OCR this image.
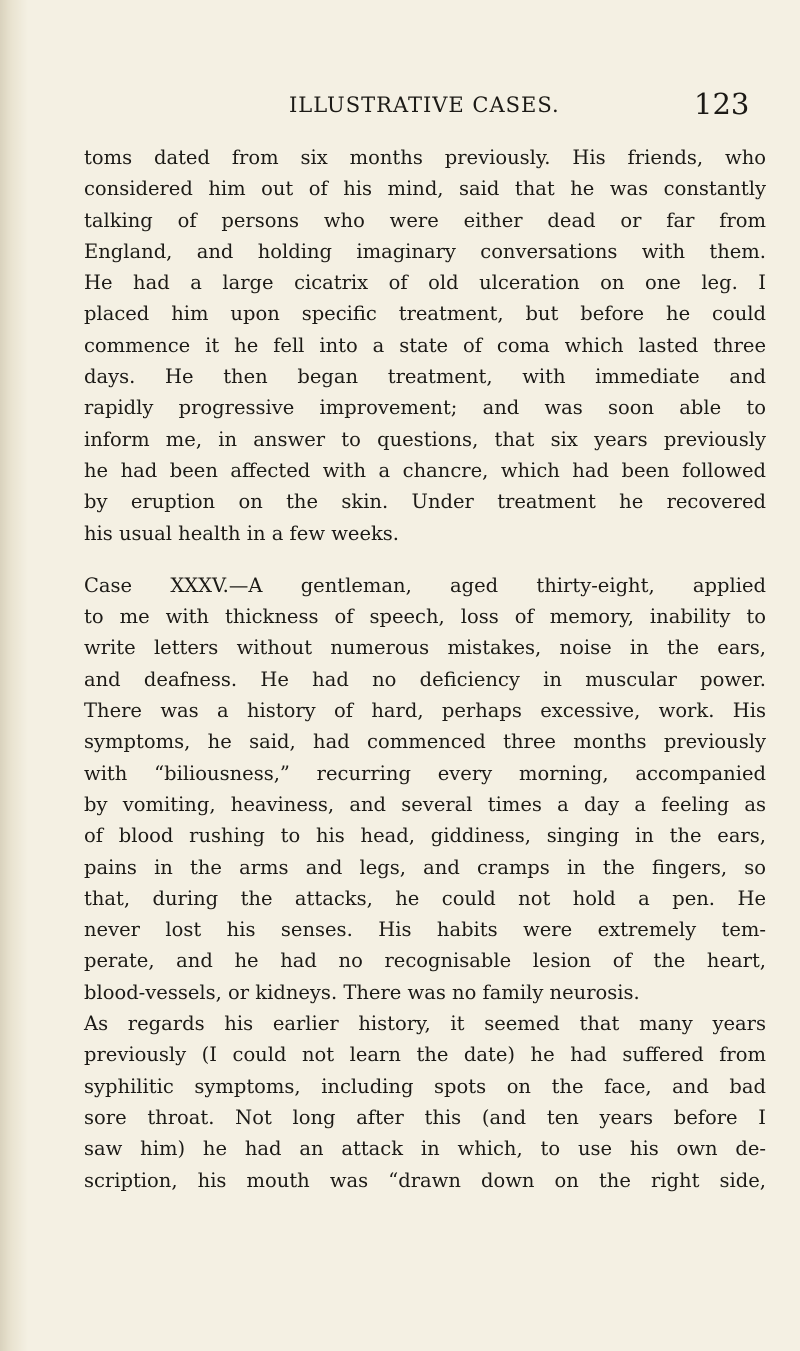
ILLUSTRATIVE CASES.	123

toms dated from six months previously. His friends, who

considered him out of his mind, said that he was constantly

talking of persons who were either dead or far from

England, and holding imaginary conversations with them.

He had a large cicatrix of old ulceration on one leg. I

placed him upon specific treatment, but before he could

commence it he fell into a state of coma which lasted three

days. He then began treatment, with immediate and

rapidly progressive improvement; and was soon able to

inform me, in answer to questions, that six years previously

he had been affected with a chancre, which had been followed

by eruption on the skin. Under treatment he recovered

his usual health in a few weeks.

Case XXXV.—A gentleman, aged thirty-eight, applied

to me with thickness of speech, loss of memory, inability to

write letters without numerous mistakes, noise in the ears,

and deafness. He had no deficiency in muscular power.

There was a history of hard, perhaps excessive, work. His

symptoms, he said, had commenced three months previously

with “biliousness,” recurring every morning, accompanied

by vomiting, heaviness, and several times a day a feeling as

of blood rushing to his head, giddiness, singing in the ears,

pains in the arms and legs, and cramps in the fingers, so

that, during the attacks, he could not hold a pen. He

never lost his senses. His habits were extremely tem-

perate, and he had no recognisable lesion of the heart,

blood-vessels, or kidneys. There was no family neurosis.

As regards his earlier history, it seemed that many years

previously (I could not learn the date) he had suffered from

syphilitic symptoms, including spots on the face, and bad

sore throat. Not long after this (and ten years before I

saw him) he had an attack in which, to use his own de-

scription, his mouth was “drawn down on the right side,
